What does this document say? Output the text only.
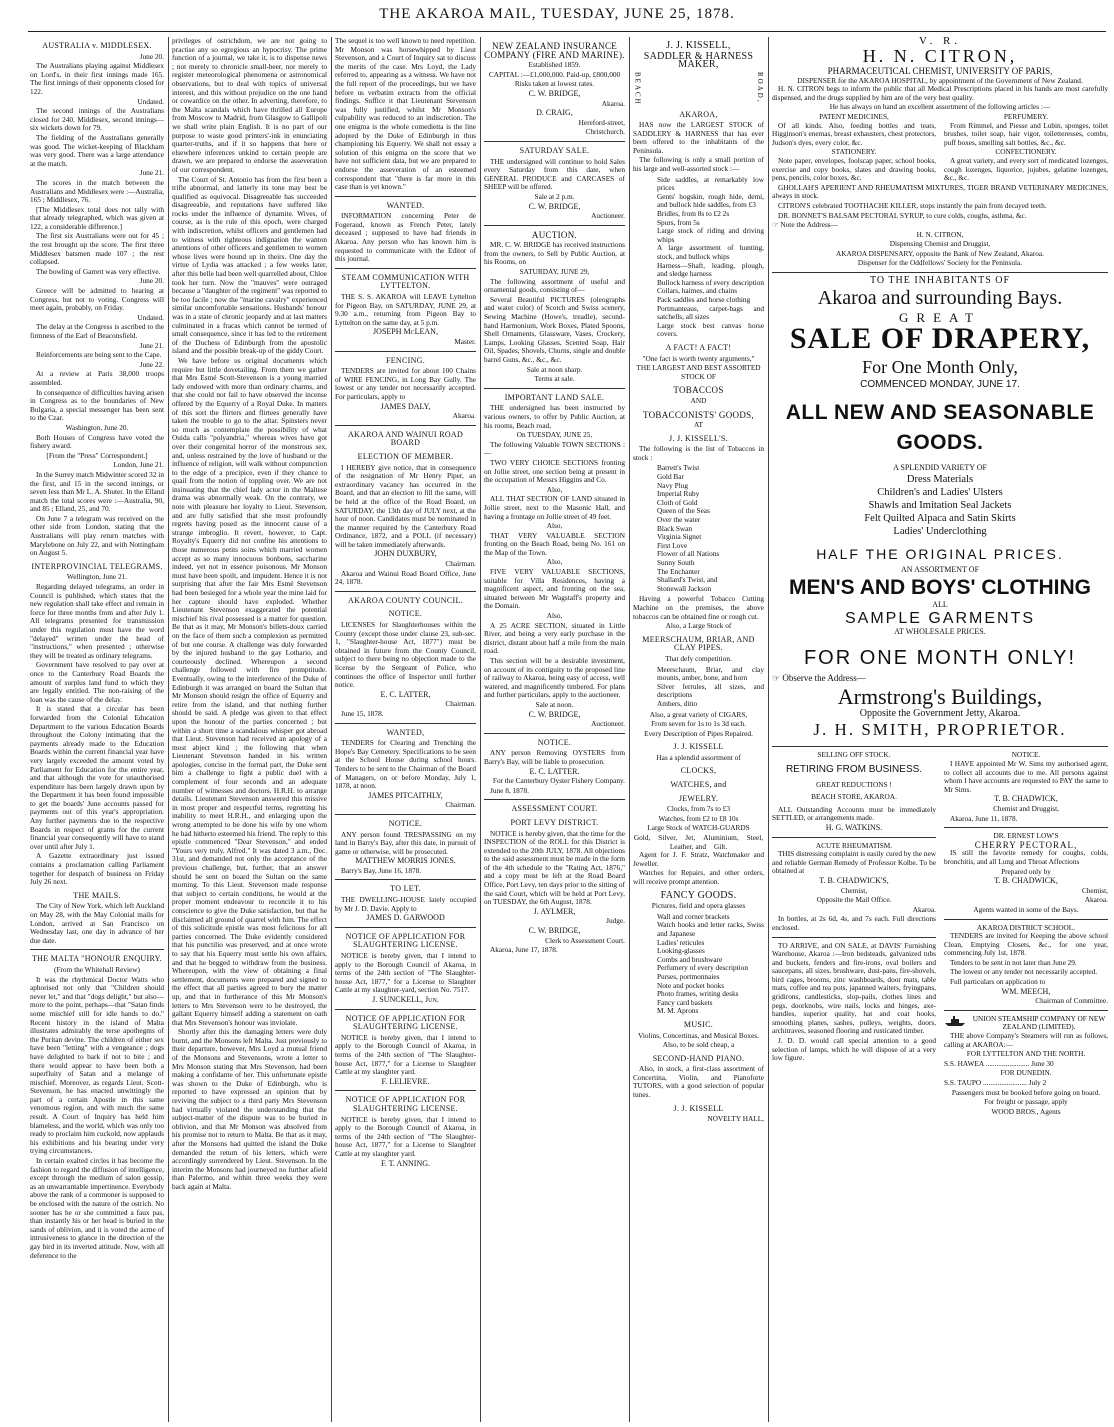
THE AKAROA MAIL, TUESDAY, JUNE 25, 1878.
AUSTRALIA v. MIDDLESEX.

June 20.

The Australians playing against Middlesex on Lord's, in their first innings made 165. The first innings of their opponents closed for 122.

Undated.

The second innings of the Australians closed for 240. Middlesex, second innings—six wickets down for 79.

The fielding of the Australians generally was good. The wicket-keeping of Blackham was very good. There was a large attendance at the match.

June 21.

The scores in the match between the Australians and Middlesex were :—Australia, 165 ; Middlesex, 76.

[The Middlesex total does not tally with that already telegraphed, which was given at 122, a considerable difference.]

The first six Australians were out for 45 ; the rest brought up the score. The first three Middlesex batsmen made 107 ; the rest collapsed.

The bowling of Garrett was very effective.

June 20.

Greece will be admitted to hearing at Congress, but not to voting. Congress will meet again, probably, on Friday.

Undated.

The delay at the Congress is ascribed to the firmness of the Earl of Beaconsfield.

June 21.

Reinforcements are being sent to the Cape.

June 22.

At a review at Paris 38,000 troops assembled.

In consequence of difficulties having arisen in Congress as to the boundaries of New Bulgaria, a special messenger has been sent to the Czar.

Washington, June 20.

Both Houses of Congress have voted the fishery award.

[From the "Press" Correspondent.]

London, June 21.

In the Surrey match Midwinter scored 32 in the first, and 15 in the second innings, or seven less than Mr L. A. Shuter. In the Elland match the total scores were :—Australia, 90, and 85 ; Elland, 25, and 70.

On June 7 a telegram was received on the other side from London, stating that the Australians will play return matches with Marylebone on July 22, and with Nottingham on August 5.

INTERPROVINCIAL TELEGRAMS.

Wellington, June 21.

Regarding delayed telegrams, an order in Council is published, which states that the new regulation shall take effect and remain in force for three months from and after July 1. All telegrams presented for transmission under this regulation must have the word "delayed" written under the head of "instructions," when presented ; otherwise they will be treated as ordinary telegrams.

Government have resolved to pay over at once to the Canterbury Road Boards the amount of surplus land fund to which they are legally entitled. The non-raising of the loan was the cause of the delay.

It is stated that a circular has been forwarded from the Colonial Education Department to the various Education Boards throughout the Colony intimating that the payments already made to the Education Boards within the current financial year have very largely exceeded the amount voted by Parliament for Education for the entire year, and that although the vote for unauthorised expenditure has been largely drawn upon by the Department it has been found impossible to get the boards' June accounts passed for payments out of this year's appropriation. Any further payments due to the respective Boards in respect of grants for the current financial year consequently will have to stand over until after July 1.

A Gazette extraordinary just issued contains a proclamation calling Parliament together for despatch of business on Friday July 26 next.

THE MAILS.

The City of New York, which left Auckland on May 28, with the May Colonial mails for London, arrived at San Francisco on Wednesday last, one day in advance of her due date.

THE MALTA "HONOUR ENQUIRY.

(From the Whitehall Review)

It was the rhythmical Doctor Watts who aphorised not only that "Children should never let," and that "dogs delight," but also—more to the point, perhaps—that "Satan finds some mischief still for idle hands to do." Recent history in the island of Malta illustrates admirably the terse apothegms of the Puritan devine. The children of either sex have been "letting" with a vengeance ; dogs have delighted to bark if not to bite ; and there would appear to have been both a superfluity of Satan and a melange of mischief. Moreover, as regards Lieut. Scott-Stevenson, he has enacted unwittingly the part of a certain Apostle in this same venomous region, and with much the same result. A Court of Inquiry has held him blameless, and the world, which was only too ready to proclaim him cuckold, now applauds his exhibitions and his bearing under very trying circumstances.

In certain exalted circles it has become the fashion to regard the diffusion of intelligence, except through the medium of salon gossip, as an unwarrantable impertinence. Everybody above the rank of a commoner is supposed to be enclosed with the nature of the ostrich. No sooner has he or she committed a faux pas, than instantly his or her head is buried in the sands of oblivion, and it is voted the acme of intrusiveness to glance in the direction of the gay bird in its inverted attitude. Now, with all deference to the

privileges of ostrichdom, we are not going to practise any so egregious an hypocrisy. The prime function of a journal, we take it, is to dispense news ; not merely to chronicle small-beer, nor merely to register meteorological phenomena or astronomical observations, but to deal with topics of universal interest, and this without prejudice on the one hand or cowardice on the other. In adverting, therefore, to the Malta scandals which have thrilled all Europe from Moscow to Madrid, from Glasgow to Gallipoli we shall write plain English. It is no part of our purpose to waste good printers'-ink in enunciating quarter-truths, and if it so happens that here or elsewhere inferences unkind to certain people are drawn, we are prepared to endorse the asseveration of our correspondent.

The Court of St. Antonio has from the first been a trifle abnormal, and latterly its tone may best be qualified as equivocal. Disagreeable has succeeded disagreeable, and reputations have suffered like rocks under the influence of dynamite. Wives, of course, as is the rule of this epoch, were charged with indiscretion, whilst officers and gentlemen had to witness with righteous indignation the wanton attentions of other officers and gentlemen to women whose lives were bound up in theirs. One day the virtue of Lydia was attacked ; a few weeks later, after this belle had been well quarrelled about, Chloe took her turn. Now the "mauves" were outraged because a "daughter of the regiment" was reported to be too facile ; now the "marine cavalry" experienced similar uncomfortable sensations. Husbands' honour was in a state of chronic jeopardy and at last matters culminated in a fracas which cannot be termed of small consequence, since it has led to the retirement of the Duchess of Edinburgh from the apostolic island and the possible break-up of the giddy Court.

We have before us original documents which require but little dovetailing. From them we gather that Mrs Esmé Scott-Stevenson is a young married lady endowed with more than ordinary charms, and that she could not fail to have observed the incense offered by the Equerry of a Royal Duke. In matters of this sort the flirters and flirtees generally have taken the trouble to go to the altar. Spinsters never so much as contemplate the possibility of what Ouida calls "polyandria," whereas wives have got over their congenital horror of the monstrous sex, and, unless restrained by the love of husband or the influence of religion, will walk without compunction to the edge of a precipice, even if they chance to quail from the notion of toppling over. We are not insinuating that the chief lady actor in the Maltese drama was abnormally weak. On the contrary, we note with pleasure her loyalty to Lieut. Stevenson, and are fully satisfied that she most profoundly regrets having posed as the innocent cause of a strange imbroglio. It revert, however, to Capt. Royalty's Equerry did not confine his attentions to those numerous petits soins which married women accept as so many innocuous bonbons, saccharine indeed, yet not in essence poisonous. Mr Monson must have been spoilt, and impudent. Hence it is not surprising that after the fair Mrs Esmé Stevenson had been besieged for a whole year the mine laid for her capture should have exploded. Whether Lieutenant Stevenson exaggerated the potential mischief his rival possessed is a matter for question. Be that as it may, Mr Monson's billets-doux carried on the face of them such a complexion as permitted of but one course. A challenge was duly forwarded by the injured husband to the gay Lothario, and courteously declined. Whereupon a second challenge followed with fire promptitude. Eventually, owing to the interference of the Duke of Edinburgh it was arranged on board the Sultan that Mr Monson should resign the office of Equerry and retire from the island, and that nothing further should be said. A pledge was given to that effect upon the honour of the parties concerned ; but within a short time a scandalous whisper got abroad that Lieut. Stevenson had received an apology of a most abject kind ; the following that when Lieutenant Stevenson handed in his written apologies, concise in the formal part, the Duke sent him a challenge to fight a public duel with a complement of four seconds and an adequate number of witnesses and doctors. H.R.H. to arrange details. Lieutenant Stevenson answered this missive in most proper and respectful terms, regretting his inability to meet H.R.H., and enlarging upon the wrong attempted to be done his wife by one whom he had hitherto esteemed his friend. The reply to this epistle commenced "Dear Stevenson," and ended "Yours very truly, Alfred." It was dated 3 a.m., Dec. 31st, and demanded not only the acceptance of the previous challenge, but, further, that an answer should be sent on board the Sultan on the same morning. To this Lieut. Stevenson made response that subject to certain conditions, he would at the proper moment endeavour to reconcile it to his conscience to give the Duke satisfaction, but that he disclaimed all ground of quarrel with him. The effect of this solicitude epistle was most felicitous for all parties concerned. The Duke evidently considered that his punctilio was preserved, and at once wrote to say that his Equerry must settle his own affairs, and that he begged to withdraw from the business. Whereupon, with the view of obtaining a final settlement, documents were prepared and signed to the effect that all parties agreed to bury the matter up, and that in furtherance of this Mr Monson's letters to Mrs Stevenson were to be destroyed, the gallant Equerry himself adding a statement on oath that Mrs Stevenson's honour was inviolate.

Shortly after this the damaging letters were duly burnt, and the Monsons left Malta. Just previously to their departure, however, Mrs Loyd a mutual friend of the Monsons and Stevensons, wrote a letter to Mrs Monson stating that Mrs Stevenson, had been making a confidante of her. This unfortunate epistle was shown to the Duke of Edinburgh, who is reported to have expressed an opinion that by reviving the subject to a third party Mrs Stevenson had virtually violated the understanding that the subject-matter of the dispute was to be buried in oblivion, and that Mr Monson was absolved from his promise not to return to Malta. Be that as it may, after the Monsons had quitted the island the Duke demanded the return of his letters, which were accordingly surrendered by Lieut. Stevenson. In the interim the Monsons had journeyed no further afield than Palermo, and within three weeks they were back again at Malta.

The sequel is too well known to need repetition. Mr Monson was horsewhipped by Lieut Stevenson, and a Court of Inquiry sat to discuss the merits of the case. Mrs Loyd, the Lady referred to, appearing as a witness. We have not the full report of the proceedings, but we have before us verbatim extracts from the official findings. Suffice it that Lieutenant Stevenson was fully justified, whilst Mr Monson's culpability was reduced to an indiscretion. The one enigma is the whole comedietta is the line adopted by the Duke of Edinburgh in thus championing his Equerry. We shall not essay a solution of this enigma on the score that we have not sufficient data, but we are prepared to endorse the asseveration of an esteemed correspondent that "there is far more in this case than is yet known."

WANTED.

INFORMATION concerning Peter de Fogeraud, known as French Peter, lately deceased ; supposed to have had friends in Akaroa. Any person who has known him is requested to communicate with the Editor of this journal.

STEAM COMMUNICATION WITH LYTTELTON.

THE S. S. AKAROA will LEAVE Lyttelton for Pigeon Bay, on SATURDAY, JUNE 29, at 9.30 a.m., returning from Pigeon Bay to Lyttelton on the same day, at 5 p.m.

JOSEPH McLEAN,

Master.

FENCING.

TENDERS are invited for about 100 Chains of WIRE FENCING, in Long Bay Gully. The lowest or any tender not necessarily accepted. For particulars, apply to

JAMES DALY,

Akaroa.

AKAROA AND WAINUI ROAD BOARD
ELECTION OF MEMBER.

I HEREBY give notice, that in consequence of the resignation of Mr Henry Piper, an extraordinary vacancy has occurred in the Board, and that an election to fill the same, will be held at the office of the Road Board, on SATURDAY, the 13th day of JULY next, at the hour of noon. Candidates must be nominated in the manner required by the Canterbury Road Ordinance, 1872, and a POLL (if necessary) will be taken immediately afterwards.

JOHN DUXBURY,

Chairman.

Akaroa and Wainui Road Board Office, June 24, 1878.

AKAROA COUNTY COUNCIL.
NOTICE.

LICENSES for Slaughterhouses within the County (except those under clause 23, sub-sec. 1, "Slaughter-house Act, 1877") must be obtained in future from the County Council, subject to there being no objection made to the license by the Sergeant of Police, who continues the office of Inspector until further notice.

E. C. LATTER,

Chairman.

June 15, 1878.

WANTED,

TENDERS for Clearing and Trenching the Hope's Bay Cemetery. Specifications to be seen at the School House during school hours. Tenders to be sent to the Chairman of the Board of Managers, on or before Monday, July 1, 1878, at noon.

JAMES PITCAITHLY,

Chairman.

NOTICE.

ANY person found TRESPASSING on my land in Barry's Bay, after this date, in pursuit of game or otherwise, will be prosecuted.

MATTHEW MORRIS JONES.

Barry's Bay, June 16, 1878.

TO LET.

THE DWELLING-HOUSE lately occupied by Mr J. D. Davie. Apply to

JAMES D. GARWOOD

NOTICE OF APPLICATION FOR SLAUGHTERING LICENSE.

NOTICE is hereby given, that I intend to apply to the Borough Council of Akaroa, in terms of the 24th section of "The Slaughter-house Act, 1877," for a License to Slaughter Cattle at my slaughter-yard, section No. 7517.

J. SUNCKELL, Jun.

NOTICE OF APPLICATION FOR SLAUGHTERING LICENSE.

NOTICE is hereby given, that I intend to apply to the Borough Council of Akaroa, in terms of the 24th section of "The Slaughter-house Act, 1877," for a License to Slaughter Cattle at my slaughter yard.

F. LELIEVRE.

NOTICE OF APPLICATION FOR SLAUGHTERING LICENSE.

NOTICE is hereby given, that I intend to apply to the Borough Council of Akaroa, in terms of the 24th section of "The Slaughter-house Act, 1877," for a License to Slaughter Cattle at my slaughter yard.

F. T. ANNING.

NEW ZEALAND INSURANCE COMPANY (FIRE AND MARINE).

Established 1859.

CAPITAL :—£1,000,000. Paid-up, £800,000

Risks taken at lowest rates.

C. W. BRIDGE,

Akaroa.

D. CRAIG,

Hereford-street,

Christchurch.

SATURDAY SALE.

THE undersigned will continue to hold Sales every Saturday from this date, when GENERAL PRODUCE and CARCASES of SHEEP will be offered.

Sale at 2 p.m.

C. W. BRIDGE,

Auctioneer.

AUCTION.

MR. C. W. BRIDGE has received instructions from the owners, to Sell by Public Auction, at his Rooms, on

SATURDAY, JUNE 29,

The following assortment of useful and ornamental goods, consisting of—

Several Beautiful PICTURES (oleographs and water color) of Scotch and Swiss scenery, Sewing Machine (Howe's, treadle), second-hand Harmonium, Work Boxes, Plated Spoons, Shell Ornaments, Glassware, Vases, Crockery, Lamps, Looking Glasses, Scented Soap, Hair Oil, Spades, Shovels, Churns, single and double barrel Guns, &c., &c., &c.

Sale at noon sharp.

Terms at sale.

IMPORTANT LAND SALE.

THE undersigned has been instructed by various owners, to offer by Public Auction, at his rooms, Beach road,

On TUESDAY, JUNE 25,

The following Valuable TOWN SECTIONS :—

TWO VERY CHOICE SECTIONS fronting on Jollie street, one section being at present in the occupation of Messrs Higgins and Co.

Also,

ALL THAT SECTION OF LAND situated in Jollie street, next to the Masonic Hall, and having a frontage on Jollie street of 49 feet.

Also,

THAT VERY VALUABLE SECTION fronting on the Beach Road, being No. 161 on the Map of the Town.

Also,

FIVE VERY VALUABLE SECTIONS, suitable for Villa Residences, having a magnificent aspect, and fronting on the sea, situated between Mr Wagstaff's property and the Domain.

Also,

A 25 ACRE SECTION, situated in Little River, and being a very early purchase in the district, distant about half a mile from the main road.

This section will be a desirable investment, on account of its contiguity to the proposed line of railway to Akaroa, being easy of access, well watered, and magnificently timbered. For plans and further particulars, apply to the auctioneer.

Sale at noon.

C. W. BRIDGE,

Auctioneer.

NOTICE.

ANY person Removing OYSTERS from Barry's Bay, will be liable to prosecution.

E. C. LATTER.

For the Canterbury Oyster Fishery Company.

June 8, 1878.

ASSESSMENT COURT.
PORT LEVY DISTRICT.

NOTICE is hereby given, that the time for the INSPECTION of the ROLL for this District is extended to the 20th JULY, 1878. All objections to the said assessment must be made in the form of the 4th schedule to the "Rating Act, 1876," and a copy must be left at the Road Board Office, Port Levy, ten days prior to the sitting of the said Court, which will be held at Port Levy, on TUESDAY, the 6th August, 1878.

J. AYLMER,

Judge.

C. W. BRIDGE,

Clerk to Assessment Court.

Akaroa, June 17, 1878.

J. J. KISSELL,
SADDLER & HARNESS MAKER,
BEACH	ROAD,
AKAROA,

HAS now the LARGEST STOCK of SADDLERY & HARNESS that has ever been offered to the inhabitants of the Peninsula.

The following is only a small portion of his large and well-assorted stock :—

Side saddles, at remarkably low prices
Gents' hogskin, rough hide, demi, and bullock hide saddles, from £3
Bridles, from 8s to £2 2s
Spurs, from 5s
Large stock of riding and driving whips
A large assortment of hunting, stock, and bullock whips
Harness—Shaft, leading, plough, and sledge harness
Bullock harness of every description
Collars, haimes, and chains
Pack saddles and horse clothing
Portmanteaus, carpet-bags and satchells, all sizes
Large stock best canvas horse covers.
A FACT! A FACT!

"One fact is worth twenty arguments,"

THE LARGEST AND BEST ASSORTED STOCK OF

TOBACCOS

AND

TOBACCONISTS' GOODS,

AT

J. J. KISSELL'S.

The following is the list of Tobaccos in stock :

Barrett's Twist
Gold Bar
Navy Plug
Imperial Ruby
Cloth of Gold
Queen of the Seas
Over the water
Black Swan
Virginia Signet
First Love
Flower of all Nations
Sunny South
The Enchanter
Shallard's Twist, and
Stonewall Jackson

Having a powerful Tobacco Cutting Machine on the premises, the above tobaccos can be obtained fine or rough cut.

Also, a Large Stock of

MEERSCHAUM, BRIAR, AND CLAY PIPES.

That defy competition.

Meerschaum, Briar, and clay mounts, amber, bone, and horn
Silver ferrules, all sizes, and descriptions
Ambers, ditto

Also, a great variety of CIGARS,

From seven for 1s to 1s 3d each.

Every Description of Pipes Repaired.

J. J. KISSELL

Has a splendid assortment of

CLOCKS,
WATCHES, and
JEWELRY.

Clocks, from 7s to £3

Watches, from £2 to £8 10s

Large Stock of WATCH-GUARDS

Gold, Silver, Jet, Aluminium, Steel,
Leather, and Gilt.

Agent for J. F. Stratz, Watchmaker and Jeweller.

Watches for Repairs, and other orders, will receive prompt attention.

FANCY GOODS.

Pictures, field and opera glasses

Wall and corner brackets
Watch hooks and letter racks, Swiss and Japanese
Ladies' reticules
Looking-glasses
Combs and brushware
Perfumery of every description
Purses, portmonnaies
Note and pocket books
Photo frames, writing desks
Fancy card baskets
M. M. Aprons
MUSIC.

Violins, Concertinas, and Musical Boxes.

Also, to be sold cheap, a

SECOND-HAND PIANO.

Also, in stock, a first-class assortment of Concertina, Violin, and Pianoforte TUTORS, with a good selection of popular tunes.

J. J. KISSELL

NOVELTY HALL,

V. R.
H. N. CITRON,
PHARMACEUTICAL CHEMIST, UNIVERSITY OF PARIS,
DISPENSER for the AKAROA HOSPITAL, by appointment of the Government of New Zealand.

H. N. CITRON begs to inform the public that all Medical Prescriptions placed in his hands are most carefully dispensed, and the drugs supplied by him are of the very best quality.

He has always on hand an excellent assortment of the following articles :—

PATENT MEDICINES,

Of all kinds. Also, feeding bottles and teats, Higginson's enemas, breast exhausters, chest protectors, Judson's dyes, every color, &c.

STATIONERY.

Note paper, envelopes, foolscap paper, school books, exercise and copy books, slates and drawing books, pens, pencils, color boxes, &c.

PERFUMERY.

From Rimmel, and Piesse and Lubin, sponges, toilet brushes, toilet soap, hair vigor, toiletteresses, combs, puff boxes, smelling salt bottles, &c., &c.

CONFECTIONERY.

A great variety, and every sort of medicated lozenges, cough lozenges, liquorice, jujubes, gelatine lozenges, &c., &c.

GHOLLAH'S APERIENT AND RHEUMATISM MIXTURES, TIGER BRAND VETERINARY MEDICINES, always in stock.

CITRON'S celebrated TOOTHACHE KILLER, stops instantly the pain from decayed teeth.

DR. BONNET'S BALSAM PECTORAL SYRUP, to cure colds, coughs, asthma, &c.

☞ Note the Address—

H. N. CITRON,

Dispensing Chemist and Druggist,

AKAROA DISPENSARY, opposite the Bank of New Zealand, Akaroa.

Dispenser for the Oddfellows' Society for the Peninsula.

TO THE INHABITANTS OF
Akaroa and surrounding Bays.
GREAT
SALE OF DRAPERY,
For One Month Only,
COMMENCED MONDAY, JUNE 17.
ALL NEW AND SEASONABLE GOODS.
A SPLENDID VARIETY OF
Dress Materials
Children's and Ladies' Ulsters
Shawls and Imitation Seal Jackets
Felt Quilted Alpaca and Satin Skirts
Ladies' Underclothing
HALF THE ORIGINAL PRICES.
AN ASSORTMENT OF
MEN'S AND BOYS' CLOTHING
ALL
SAMPLE GARMENTS
AT WHOLESALE PRICES.
FOR ONE MONTH ONLY!

☞ Observe the Address—

Armstrong's Buildings,
Opposite the Government Jetty, Akaroa.
J. H. SMITH, PROPRIETOR.
SELLING OFF STOCK.
RETIRING FROM BUSINESS.
GREAT REDUCTIONS !
BEACH STORE, AKAROA.

ALL Outstanding Accounts must be immediately SETTLED, or arrangements made.

H. G. WATKINS.

ACUTE RHEUMATISM.

THIS distressing complaint is easily cured by the new and reliable German Remedy of Professor Kolbe. To be obtained at

T. B. CHADWICK'S,

Chemist,

Opposite the Mail Office.

Akaroa.

In bottles, at 2s 6d, 4s, and 7s each. Full directions enclosed.

TO ARRIVE, and ON SALE, at DAVIS' Furnishing Warehouse, Akaroa :—Iron bedsteads, galvanized tubs and buckets, fenders and fire-irons, oval boilers and saucepans, all sizes, brushware, dust-pans, fire-shovels, bird cages, brooms, zinc washboards, door mats, table mats, coffee and tea pots, japanned waiters, fryingpans, gridirons, candlesticks, slop-pails, clothes lines and pegs, doorknobs, wire nails, locks and hinges, axe-handles, superior quality, hat and coat hooks, smoothing planes, sashes, pulleys, weights, doors, architraves, seasoned flooring and rusticated timber.

J. D. D. would call special attention to a good selection of lamps, which he will dispose of at a very low figure.

NOTICE.

I HAVE appointed Mr W. Sims my authorised agent, to collect all accounts due to me. All persons against whom I have accounts are requested to PAY the same to Mr Sims.

T. B. CHADWICK,

Chemist and Druggist,

Akaroa, June 11, 1878.

DR. ERNEST LOW'S
CHERRY PECTORAL,

IS still the favorite remedy for coughs, colds, bronchitis, and all Lung and Throat Affections

Prepared only by

T. B. CHADWICK,

Chemist,

Akaroa.

Agents wanted in some of the Bays.

AKAROA DISTRICT SCHOOL.

TENDERS are invited for Keeping the above school Clean, Emptying Closets, &c., for one year, commencing July 1st, 1878.

Tenders to be sent in not later than June 29.

The lowest or any tender not necessarily accepted.

Full particulars on application to

WM. MEECH,

Chairman of Committee.

UNION STEAMSHIP COMPANY OF NEW ZEALAND (LIMITED).

THE above Company's Steamers will run as follows, calling at AKAROA:—

FOR LYTTELTON AND THE NORTH.

S.S. HAWEA ........................ June 30

FOR DUNEDIN.

S.S. TAUPO ........................ July 2

Passengers must be booked before going on board.

For freight or passage, apply

WOOD BROS., Agents
